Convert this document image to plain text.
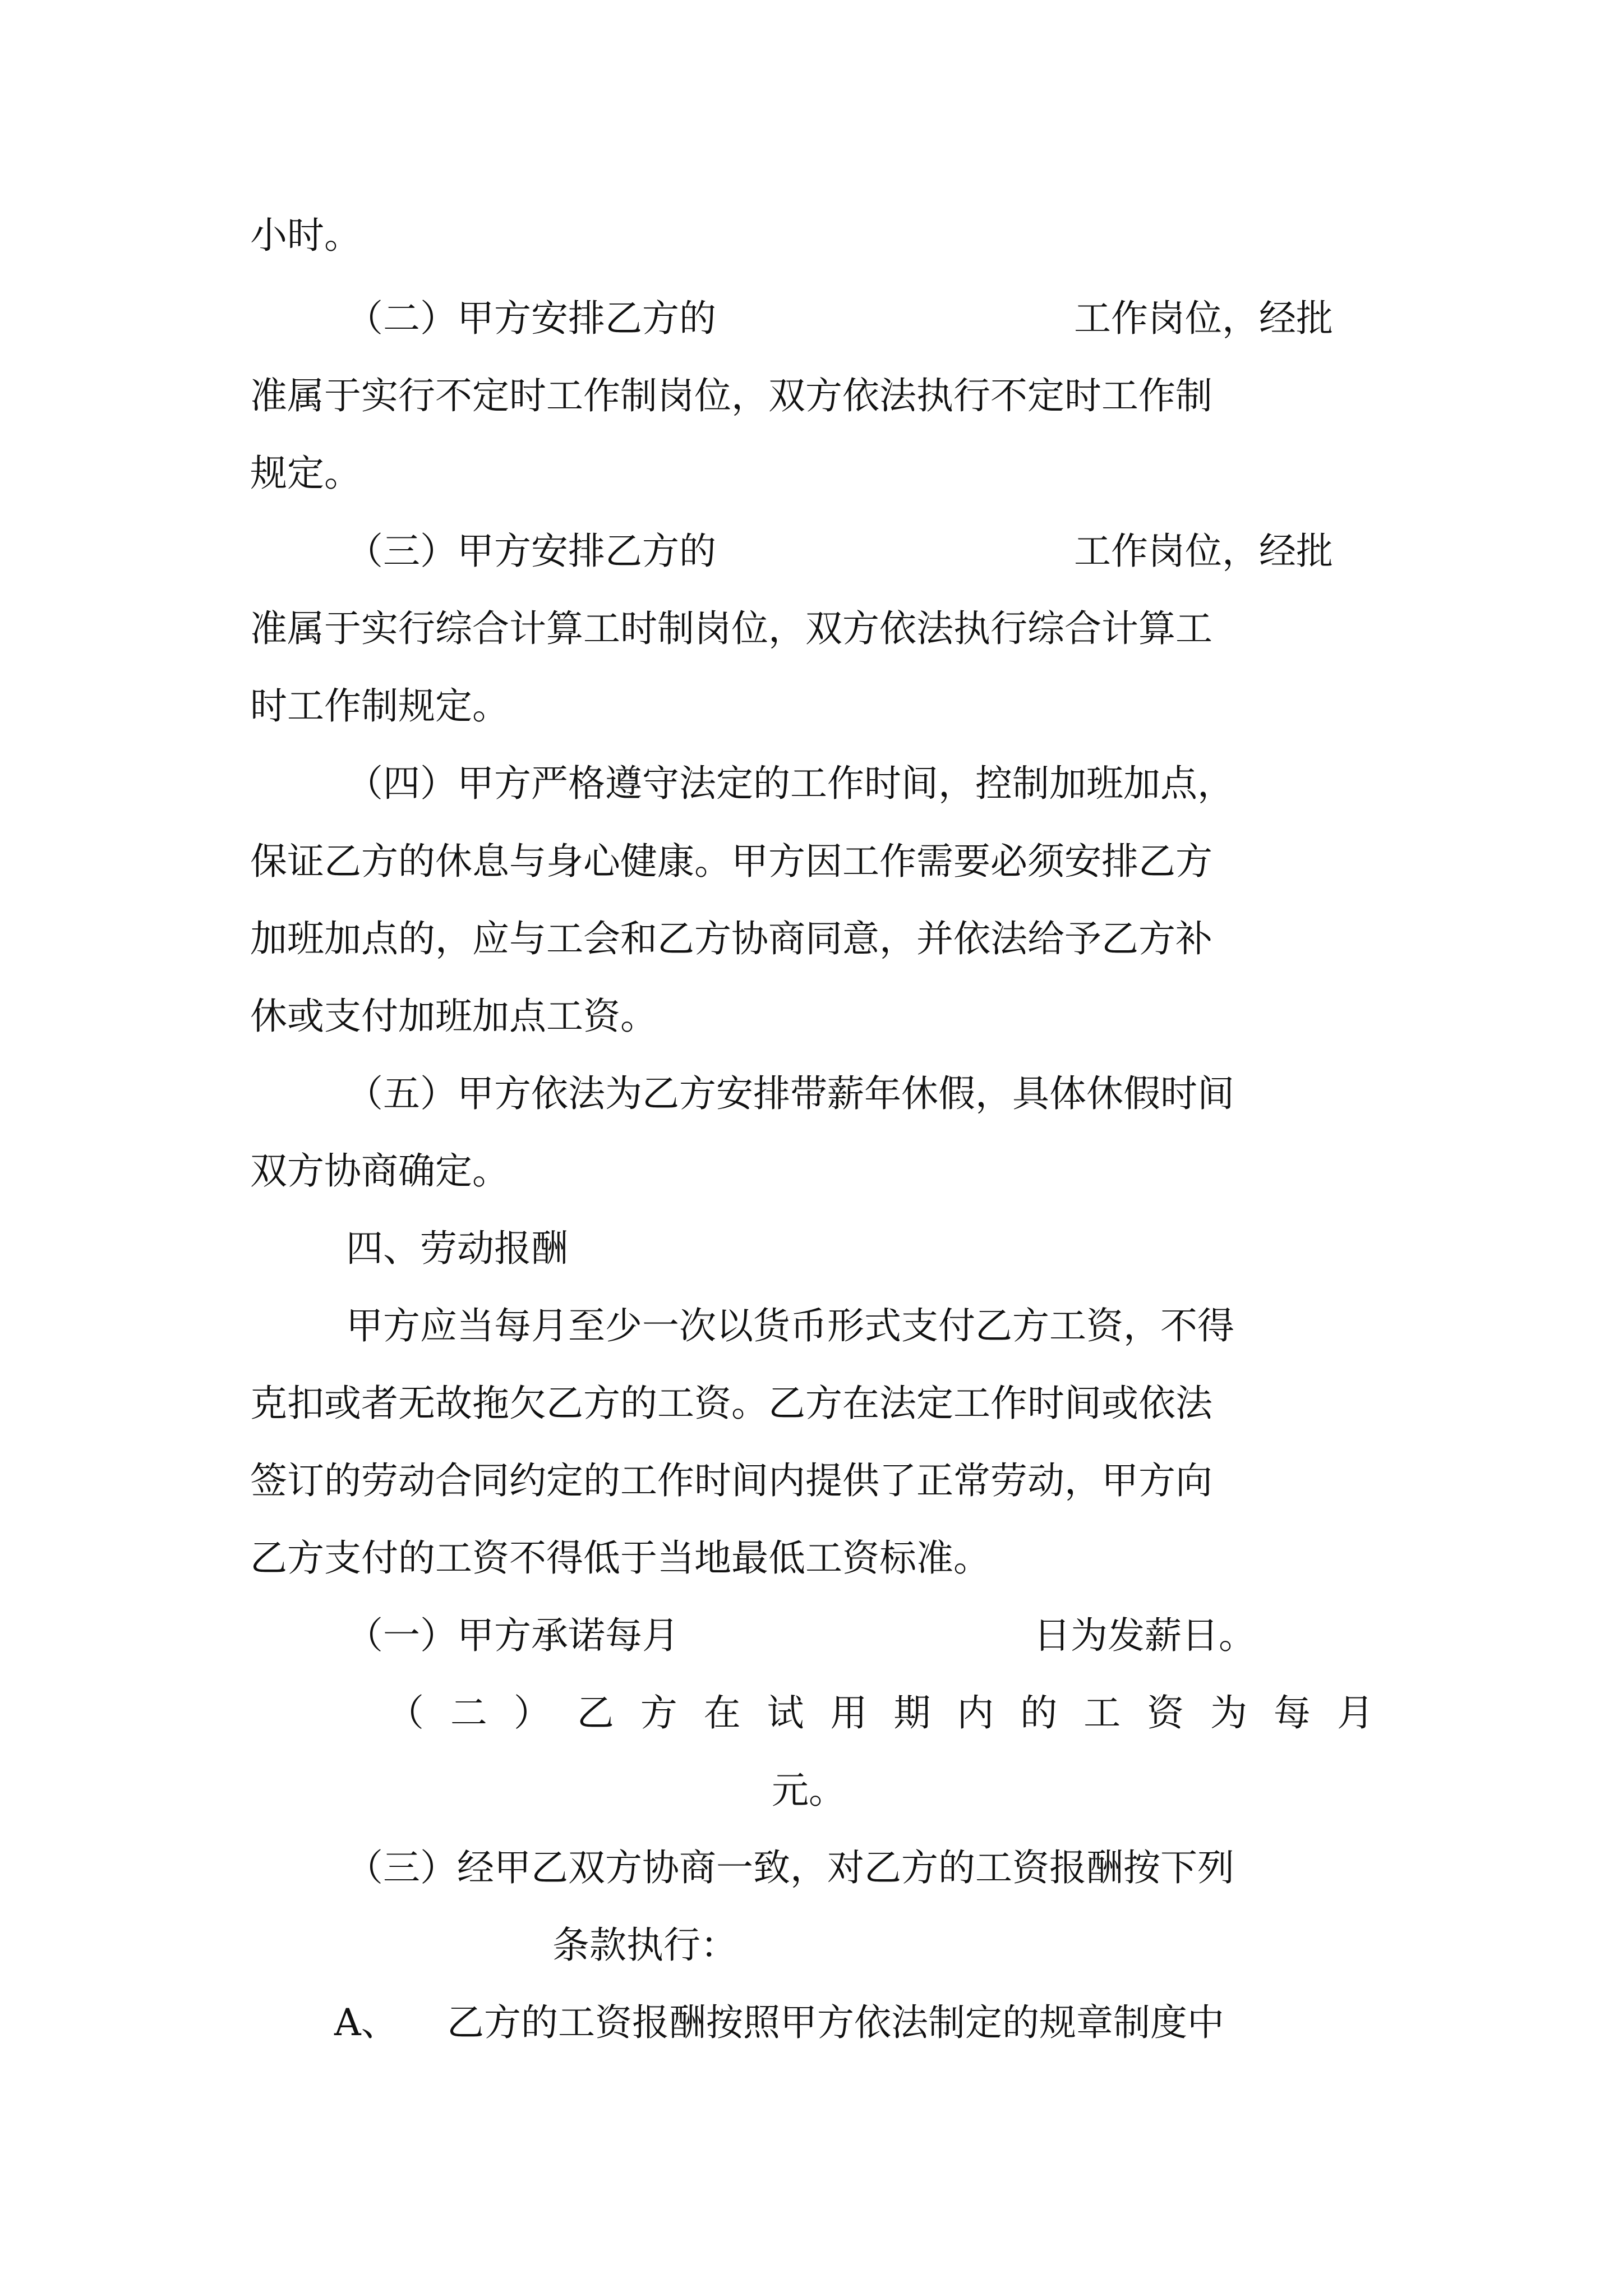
小时。
（二）甲方安排乙方的	工作岗位，经批
准属于实行不定时工作制岗位，双方依法执行不定时工作制
规定。
（三）甲方安排乙方的	工作岗位，经批
准属于实行综合计算工时制岗位，双方依法执行综合计算工
时工作制规定。
（四）甲方严格遵守法定的工作时间，控制加班加点，
保证乙方的休息与身心健康。甲方因工作需要必须安排乙方
加班加点的，应与工会和乙方协商同意，并依法给予乙方补
休或支付加班加点工资。
（五）甲方依法为乙方安排带薪年休假，具体休假时间
双方协商确定。
四、劳动报酬
甲方应当每月至少一次以货币形式支付乙方工资，不得
克扣或者无故拖欠乙方的工资。乙方在法定工作时间或依法
签订的劳动合同约定的工作时间内提供了正常劳动，甲方向
乙方支付的工资不得低于当地最低工资标准。
（一）甲方承诺每月	日为发薪日。
（ 二 ） 乙 方 在 试 用 期 内 的 工 资 为 每 月
元。
（三）经甲乙双方协商一致，对乙方的工资报酬按下列
条款执行：
A、 乙方的工资报酬按照甲方依法制定的规章制度中
